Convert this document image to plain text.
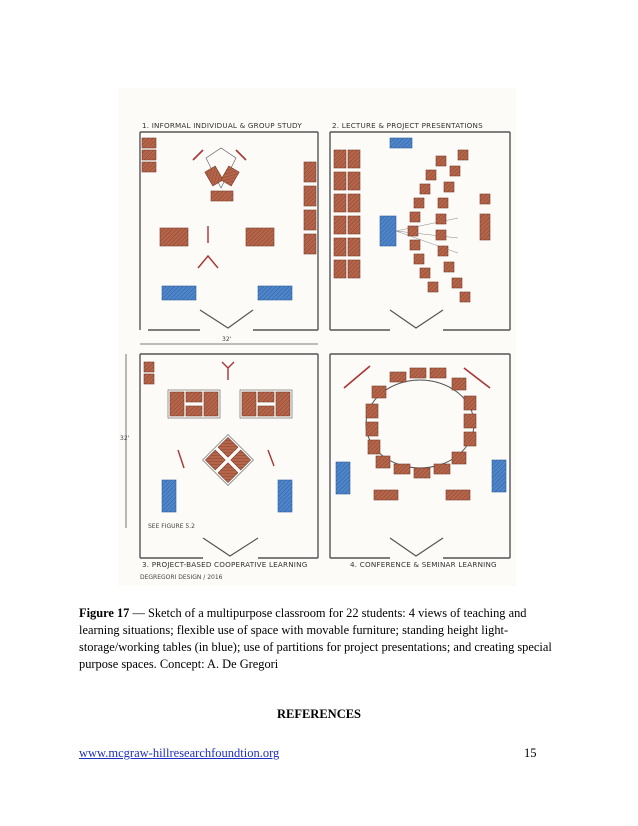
32'
32'
1. INFORMAL INDIVIDUAL & GROUP STUDY	2. LECTURE & PROJECT PRESENTATIONS
3. PROJECT-BASED COOPERATIVE LEARNING	4. CONFERENCE & SEMINAR LEARNING
SEE FIGURE 5.2
DEGREGORI DESIGN / 2016
Figure 17 — Sketch of a multipurpose classroom for 22 students: 4 views of teaching and learning situations; flexible use of space with movable furniture; standing height light-storage/working tables (in blue); use of partitions for project presentations; and creating special purpose spaces. Concept: A. De Gregori
REFERENCES
www.mcgraw-hillresearchfoundtion.org	15
